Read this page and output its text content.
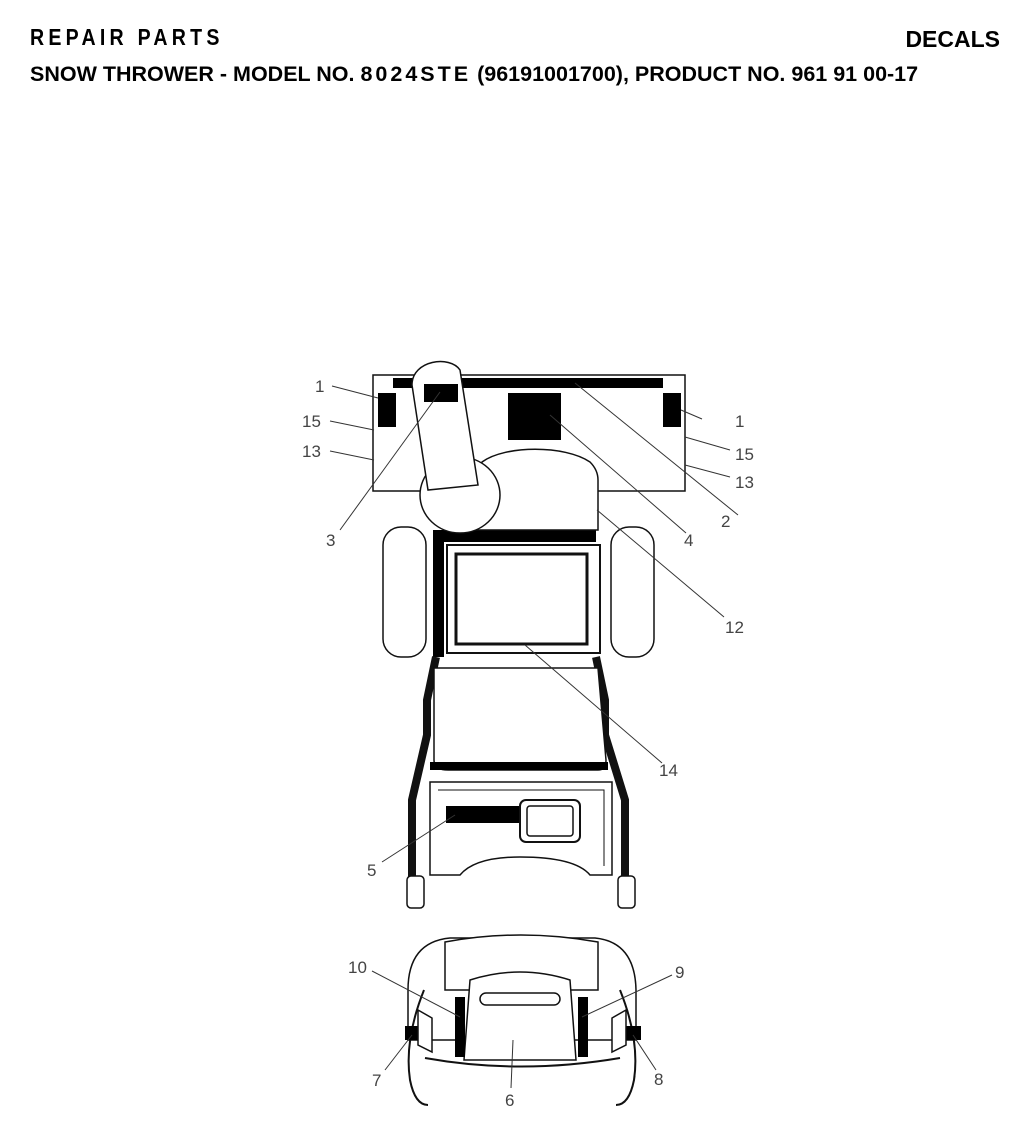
REPAIR PARTS	DECALS
SNOW THROWER - MODEL NO. 8024STE (96191001700), PRODUCT NO. 961 91 00-17
1
15
13
1
15
13
3	4
2
12
14
5
10	9
7	8
6
